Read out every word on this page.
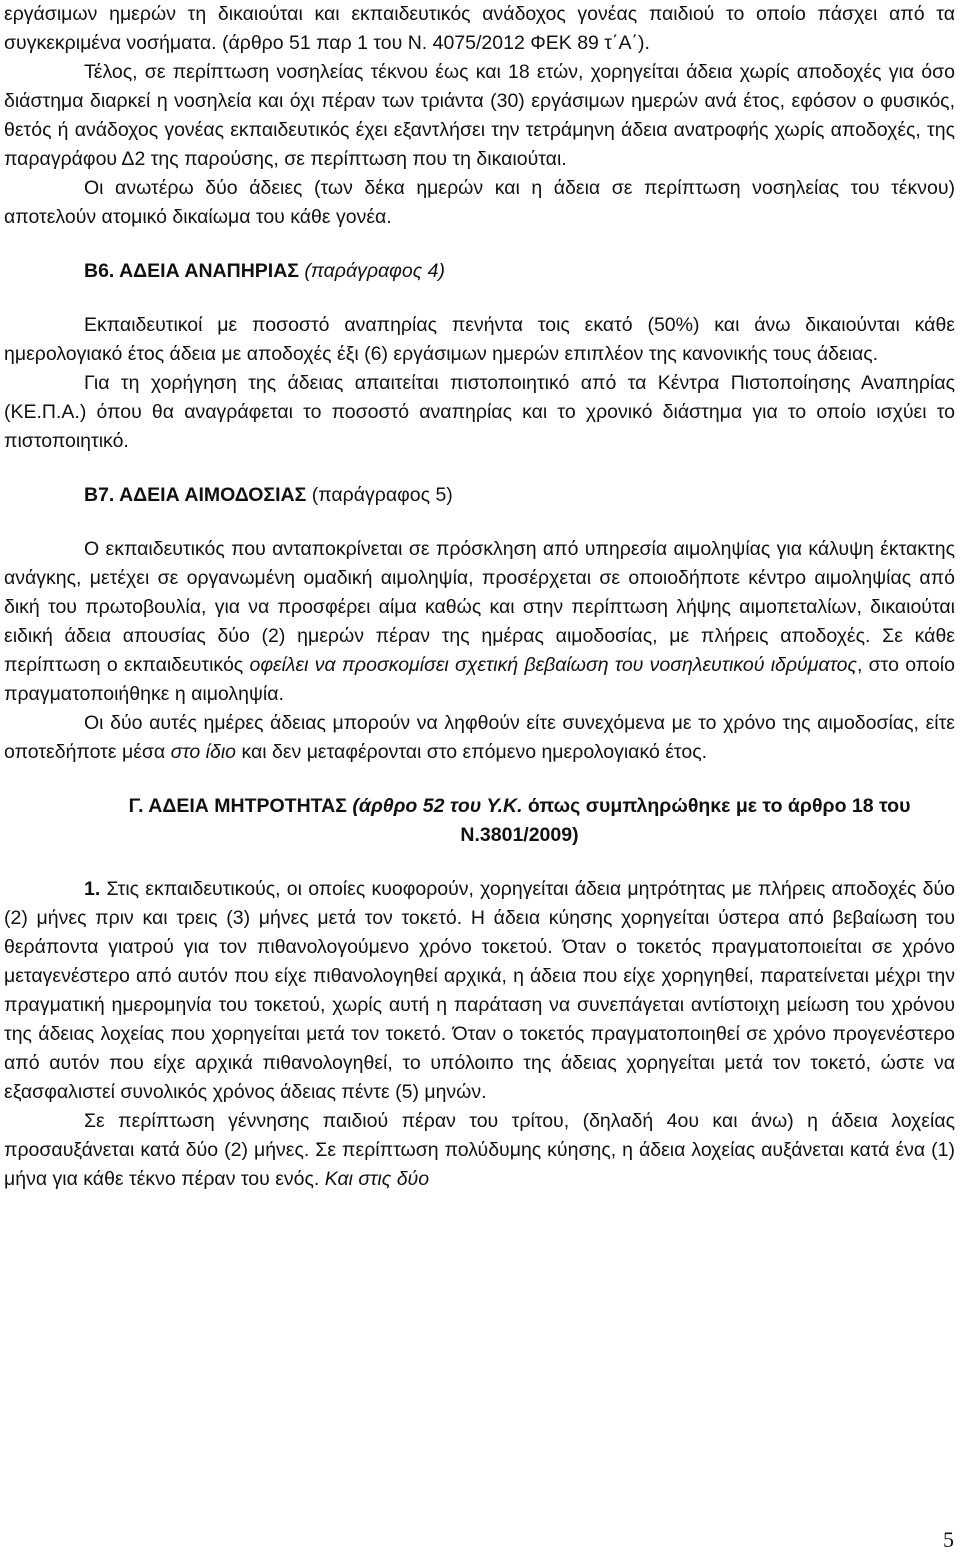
εργάσιμων ημερών τη δικαιούται και εκπαιδευτικός ανάδοχος γονέας παιδιού το οποίο πάσχει από τα συγκεκριμένα νοσήματα. (άρθρο 51 παρ 1 του Ν. 4075/2012 ΦΕΚ 89 τ΄Α΄).

Τέλος, σε περίπτωση νοσηλείας τέκνου έως και 18 ετών, χορηγείται άδεια χωρίς αποδοχές για όσο διάστημα διαρκεί η νοσηλεία και όχι πέραν των τριάντα (30) εργάσιμων ημερών ανά έτος, εφόσον ο φυσικός, θετός ή ανάδοχος γονέας εκπαιδευτικός έχει εξαντλήσει την τετράμηνη άδεια ανατροφής χωρίς αποδοχές, της παραγράφου Δ2 της παρούσης, σε περίπτωση που τη δικαιούται.

Οι ανωτέρω δύο άδειες (των δέκα ημερών και η άδεια σε περίπτωση νοσηλείας του τέκνου) αποτελούν ατομικό δικαίωμα του κάθε γονέα.

Β6. ΑΔΕΙΑ ΑΝΑΠΗΡΙΑΣ (παράγραφος 4)

Εκπαιδευτικοί με ποσοστό αναπηρίας πενήντα τοις εκατό (50%) και άνω δικαιούνται κάθε ημερολογιακό έτος άδεια με αποδοχές έξι (6) εργάσιμων ημερών επιπλέον της κανονικής τους άδειας.

Για τη χορήγηση της άδειας απαιτείται πιστοποιητικό από τα Κέντρα Πιστοποίησης Αναπηρίας (ΚΕ.Π.Α.) όπου θα αναγράφεται το ποσοστό αναπηρίας και το χρονικό διάστημα για το οποίο ισχύει το πιστοποιητικό.

Β7. ΑΔΕΙΑ ΑΙΜΟΔΟΣΙΑΣ (παράγραφος 5)

Ο εκπαιδευτικός που ανταποκρίνεται σε πρόσκληση από υπηρεσία αιμοληψίας για κάλυψη έκτακτης ανάγκης, μετέχει σε οργανωμένη ομαδική αιμοληψία, προσέρχεται σε οποιοδήποτε κέντρο αιμοληψίας από δική του πρωτοβουλία, για να προσφέρει αίμα καθώς και στην περίπτωση λήψης αιμοπεταλίων, δικαιούται ειδική άδεια απουσίας δύο (2) ημερών πέραν της ημέρας αιμοδοσίας, με πλήρεις αποδοχές. Σε κάθε περίπτωση ο εκπαιδευτικός οφείλει να προσκομίσει σχετική βεβαίωση του νοσηλευτικού ιδρύματος, στο οποίο πραγματοποιήθηκε η αιμοληψία.

Οι δύο αυτές ημέρες άδειας μπορούν να ληφθούν είτε συνεχόμενα με το χρόνο της αιμοδοσίας, είτε οποτεδήποτε μέσα στο ίδιο και δεν μεταφέρονται στο επόμενο ημερολογιακό έτος.

Γ. ΑΔΕΙΑ ΜΗΤΡΟΤΗΤΑΣ (άρθρο 52 του Υ.Κ. όπως συμπληρώθηκε με το άρθρο 18 του Ν.3801/2009)

1. Στις εκπαιδευτικούς, οι οποίες κυοφορούν, χορηγείται άδεια μητρότητας με πλήρεις αποδοχές δύο (2) μήνες πριν και τρεις (3) μήνες μετά τον τοκετό. Η άδεια κύησης χορηγείται ύστερα από βεβαίωση του θεράποντα γιατρού για τον πιθανολογούμενο χρόνο τοκετού. Όταν ο τοκετός πραγματοποιείται σε χρόνο μεταγενέστερο από αυτόν που είχε πιθανολογηθεί αρχικά, η άδεια που είχε χορηγηθεί, παρατείνεται μέχρι την πραγματική ημερομηνία του τοκετού, χωρίς αυτή η παράταση να συνεπάγεται αντίστοιχη μείωση του χρόνου της άδειας λοχείας που χορηγείται μετά τον τοκετό. Όταν ο τοκετός πραγματοποιηθεί σε χρόνο προγενέστερο από αυτόν που είχε αρχικά πιθανολογηθεί, το υπόλοιπο της άδειας χορηγείται μετά τον τοκετό, ώστε να εξασφαλιστεί συνολικός χρόνος άδειας πέντε (5) μηνών.

Σε περίπτωση γέννησης παιδιού πέραν του τρίτου, (δηλαδή 4ου και άνω) η άδεια λοχείας προσαυξάνεται κατά δύο (2) μήνες. Σε περίπτωση πολύδυμης κύησης, η άδεια λοχείας αυξάνεται κατά ένα (1) μήνα για κάθε τέκνο πέραν του ενός. Και στις δύο

5
